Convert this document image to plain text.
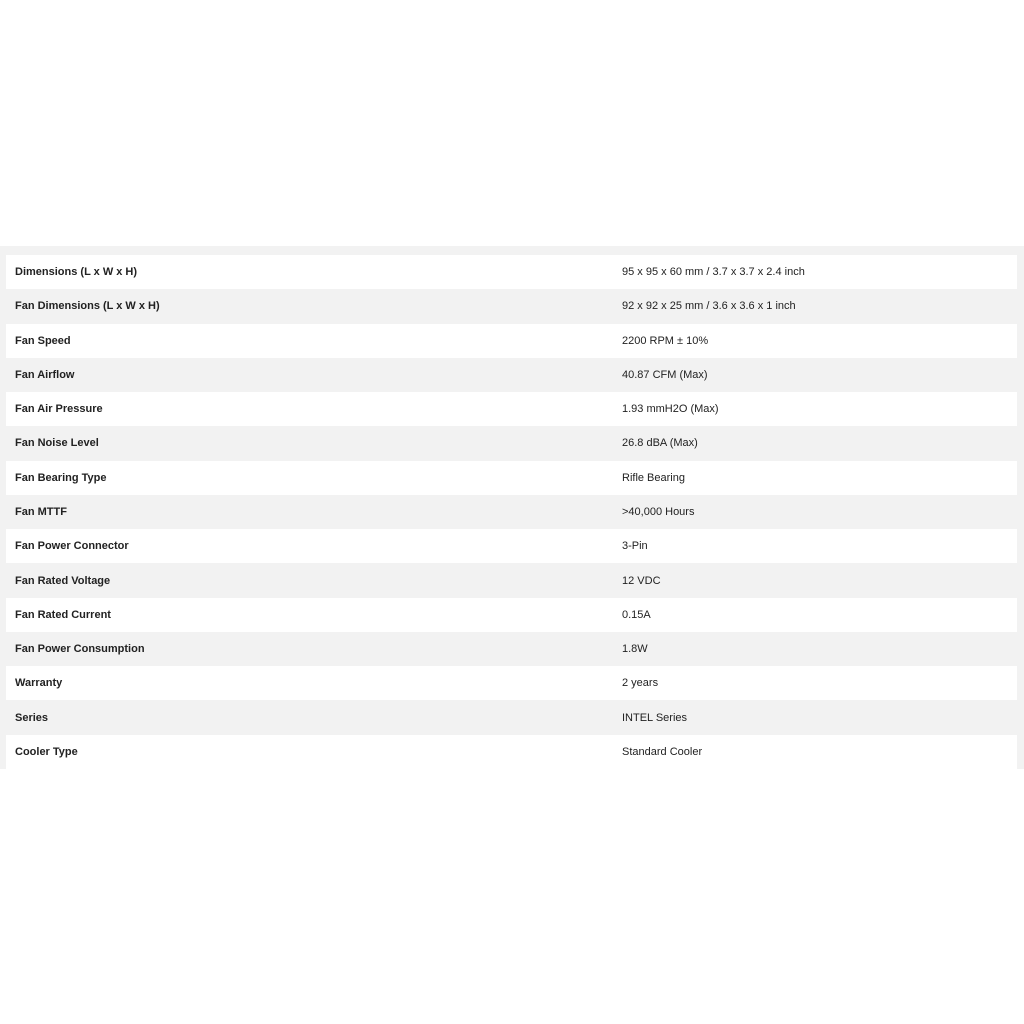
Dimensions (L x W x H)	95 x 95 x 60 mm / 3.7 x 3.7 x 2.4 inch
Fan Dimensions (L x W x H)	92 x 92 x 25 mm / 3.6 x 3.6 x 1 inch
Fan Speed	2200 RPM ± 10%
Fan Airflow	40.87 CFM (Max)
Fan Air Pressure	1.93 mmH2O (Max)
Fan Noise Level	26.8 dBA (Max)
Fan Bearing Type	Rifle Bearing
Fan MTTF	>40,000 Hours
Fan Power Connector	3-Pin
Fan Rated Voltage	12 VDC
Fan Rated Current	0.15A
Fan Power Consumption	1.8W
Warranty	2 years
Series	INTEL Series
Cooler Type	Standard Cooler
